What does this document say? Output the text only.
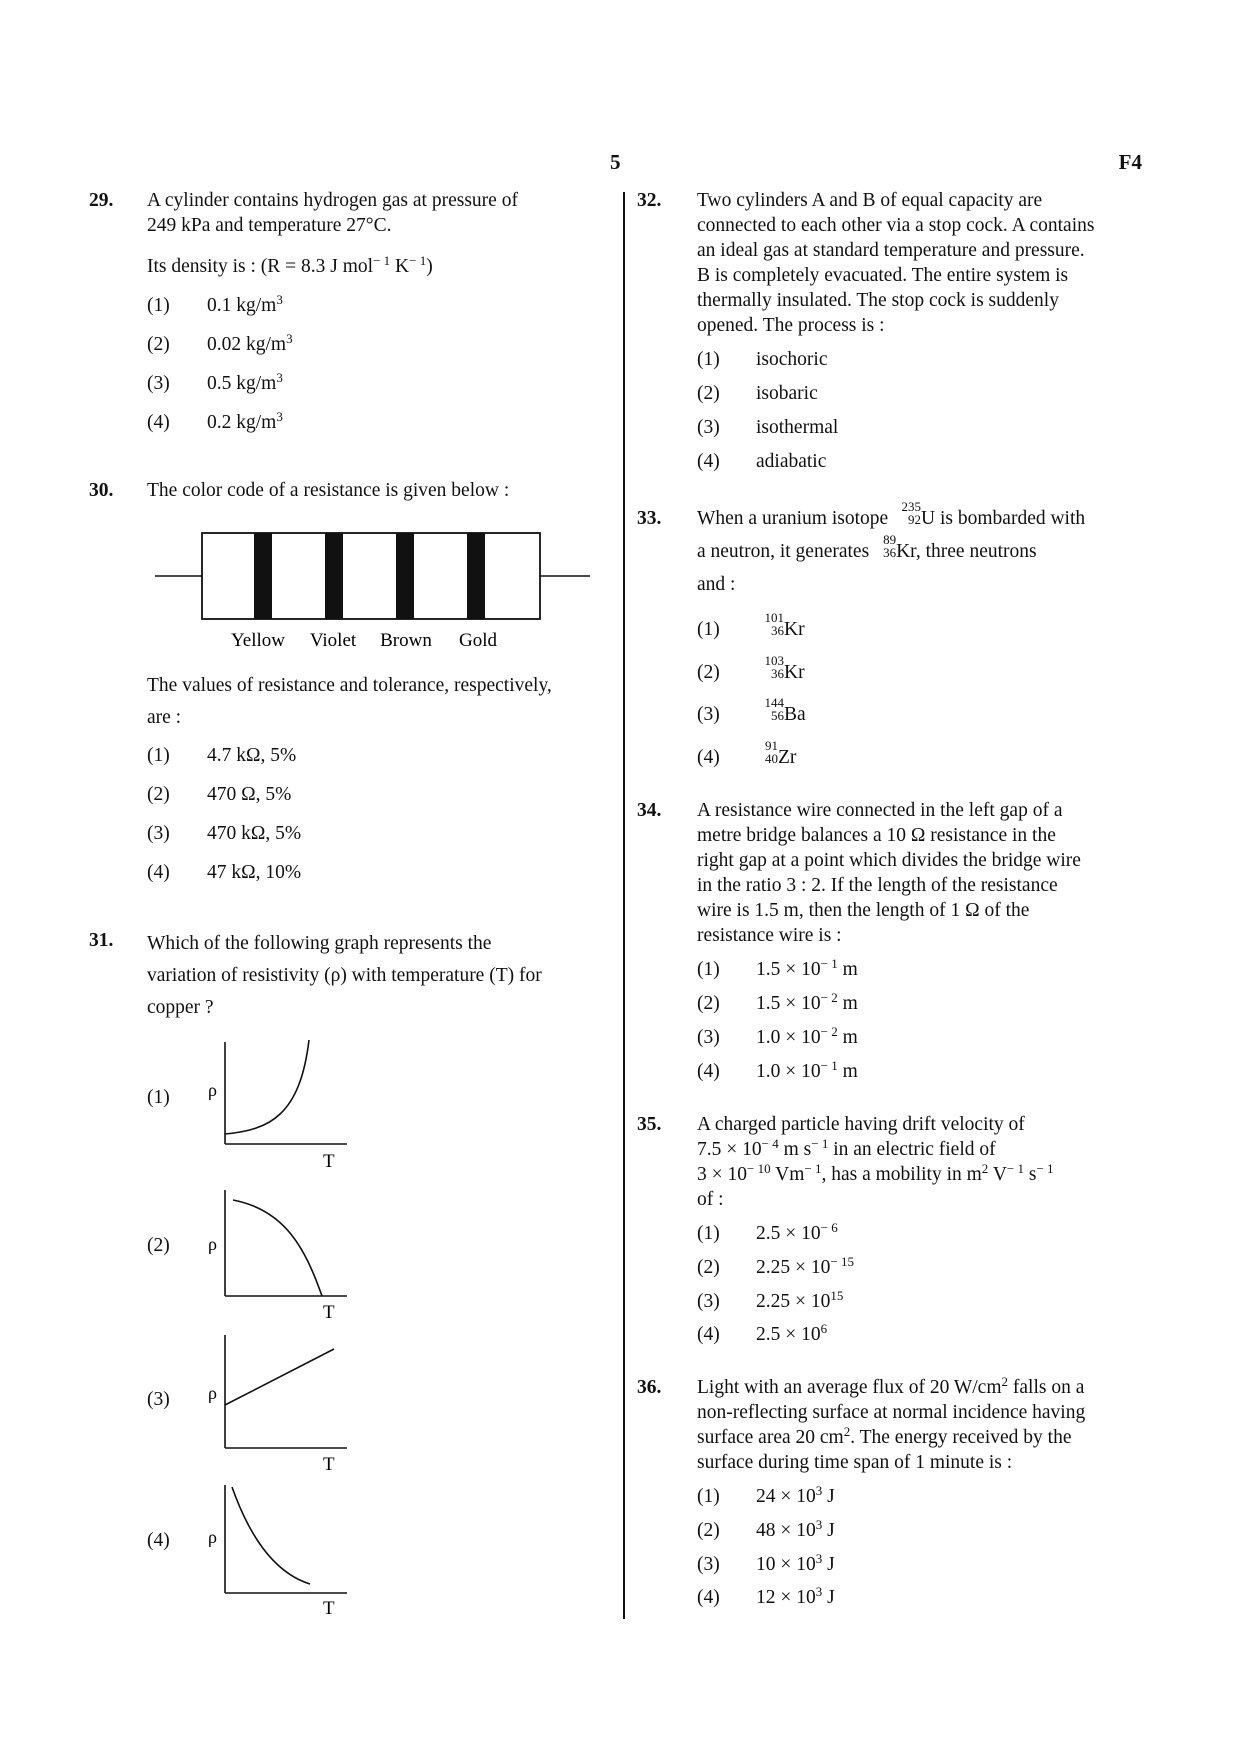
5	F4
29. A cylinder contains hydrogen gas at pressure of
249 kPa and temperature 27°C.
Its density is : (R = 8.3 J mol$^{- 1}$ $K^{- 1}$)
(1) 0.1 $kg/m^3$
(2) 0.02 $kg/m^3$
(3) 0.5 $kg/m^3$
(4) 0.2 $kg/m^3$
30. The color code of a resistance is given below :
Yellow Violet Brown Gold
The values of resistance and tolerance, respectively,
are :
(1) 4.7 kΩ, 5%
(2) 470 Ω, 5%
(3) 470 kΩ, 5%
(4) 47 kΩ, 10%
31. Which of the following graph represents the
variation of resistivity (ρ) with temperature (T) for
copper ?
(1) ρ
T
(2) ρ
T
(3) ρ
T
(4) ρ
T
32. Two cylinders A and B of equal capacity are
connected to each other via a stop cock. A contains
an ideal gas at standard temperature and pressure.
B is completely evacuated. The entire system is
thermally insulated. The stop cock is suddenly
opened. The process is :
(1) isochoric
(2) isobaric
(3) isothermal
(4) adiabatic
33. When a uranium isotope
235
92 U is bombarded with
a neutron, it generates
89
36 Kr, three neutrons
and :
(1)
101
36 Kr
(2)
103
36 Kr
(3)
144
56 Ba
(4)
91
40 Zr
34. A resistance wire connected in the left gap of a
metre bridge balances a 10 Ω resistance in the
right gap at a point which divides the bridge wire
in the ratio 3 : 2. If the length of the resistance
wire is 1.5 m, then the length of 1 Ω of the
resistance wire is :
(1) $1.5 \times 10^{- 1}$ m
(2) $1.5 \times 10^{- 2}$ m
(3) $1.0 \times 10^{- 2}$ m
(4) $1.0 \times 10^{- 1}$ m
35. A charged particle having drift velocity of
$7.5 \times 10^{- 4}$ m $s^{- 1}$ in an electric field of
$3 \times 10^{- 10}$ $Vm^{- 1}$, has a mobility in $m^2$ $V^{- 1}$ $s^{- 1}$
of :
(1) $2.5 \times 10^{- 6}$
(2) $2.25 \times 10^{- 15}$
(3) $2.25 \times 10^{15}$
(4) $2.5 \times 10^6$
36. Light with an average flux of 20 $W/cm^2$ falls on a
non-reflecting surface at normal incidence having
surface area 20 $cm^2$. The energy received by the
surface during time span of 1 minute is :
(1) $24 \times 10^3$ J
(2) $48 \times 10^3$ J
(3) $10 \times 10^3$ J
(4) $12 \times 10^3$ J
